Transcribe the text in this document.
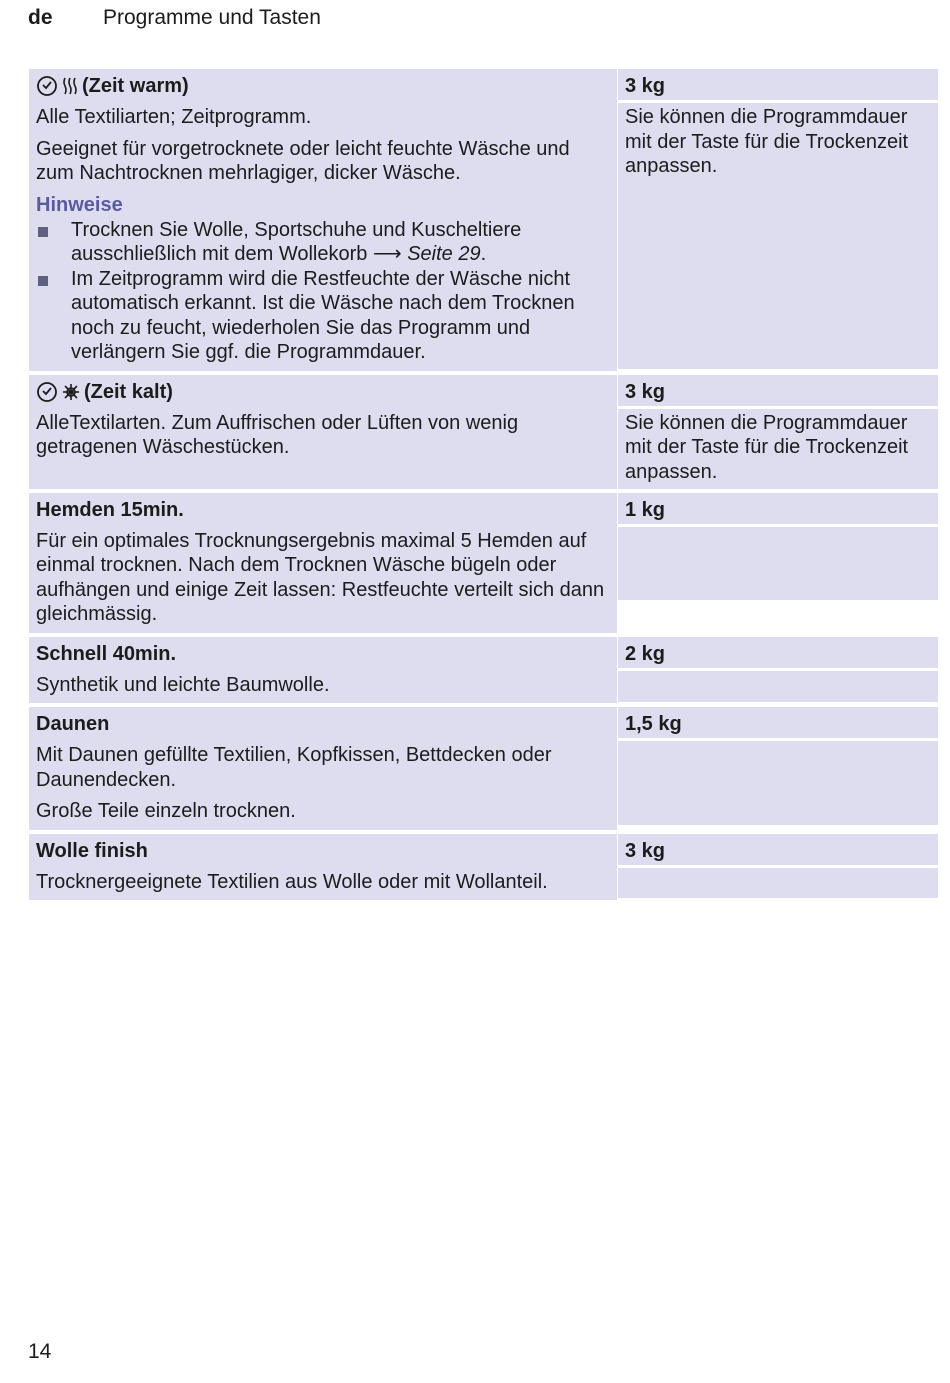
de	Programme und Tasten
(Zeit warm)
Alle Textiliarten; Zeitprogramm.
Geeignet für vorgetrocknete oder leicht feuchte Wäsche und zum Nachtrocknen mehrlagiger, dicker Wäsche.
Hinweise
Trocknen Sie Wolle, Sportschuhe und Kuscheltiere ausschließlich mit dem Wollekorb ⟶ Seite 29.
Im Zeitprogramm wird die Restfeuchte der Wäsche nicht automatisch erkannt. Ist die Wäsche nach dem Trocknen noch zu feucht, wiederholen Sie das Programm und verlängern Sie ggf. die Programmdauer.
3 kg
Sie können die Programmdauer mit der Taste für die Trockenzeit anpassen.
(Zeit kalt)
AlleTextilarten. Zum Auffrischen oder Lüften von wenig getragenen Wäschestücken.
3 kg
Sie können die Programmdauer mit der Taste für die Trockenzeit anpassen.
Hemden 15min.
Für ein optimales Trocknungsergebnis maximal 5 Hemden auf einmal trocknen. Nach dem Trocknen Wäsche bügeln oder aufhängen und einige Zeit lassen: Restfeuchte verteilt sich dann gleichmässig.
1 kg
Schnell 40min.
Synthetik und leichte Baumwolle.
2 kg
Daunen
Mit Daunen gefüllte Textilien, Kopfkissen, Bettdecken oder Daunendecken.
Große Teile einzeln trocknen.
1,5 kg
Wolle finish
Trocknergeeignete Textilien aus Wolle oder mit Wollanteil.
3 kg
14
